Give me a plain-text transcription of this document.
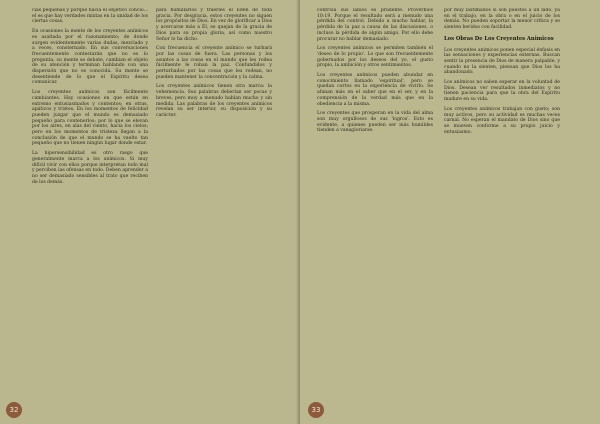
cias pequeñas y porque hacía el objetivo concio... el es que hay verdades mixtas en la unidad de los ciertas cosas.

En ocasiones la mente de los creyentes anímicos es asaltada por el razonamiento; de donde surgen evidentemente varias dudas, mezclado y a veces, consternado. En sus conversaciones frecuentemente contestarán que no es lo pregunta, su mente se debate, cambian el objeto de su atención y terminan hablando con una dispersión que no es conocida. Su mente se desentiende de lo que el Espíritu desea comunicar.

Los creyentes anímicos son fácilmente cambiantes. Hay ocasiones en que están en extremo entusiasmados y contentos; en otras, apáticos y tristes. En los momentos de felicidad pueden juzgar que el mundo es demasiado pequeño para contenerlos; por lo que se elevan por los aires, en alas del viento, hacia los cielos; pero en los momentos de tristeza llegan a la conclusión de que el mundo se ha vuelto tan pequeño que no tienen ningún lugar donde estar.

La hipersensibilidad es otro rasgo que generalmente marca a los anímicos. Si muy difícil vivir con ellos porque interpretan todo mal y perciben las ofensas en todo. Deben aprender a no ser demasiado sensibles al trato que reciben de los demás.

para humillarlos y traerles el Edén de toda gracia. Por desgracia, estos creyentes no siguen los propósitos de Dios. En vez de glorificar a Dios y acercarse más a Él, se quejan de la gracia de Dios para su propia gloria, así como nuestro Señor lo ha dicho.

Con frecuencia el creyente anímico se turbará por las cosas de fuera. Las personas y los asuntos a las cosas en el mundo que les rodea fácilmente le roban la paz. Confundidos y perturbados por las cosas que les rodean, no pueden mantener la concentración y la calma.

Los creyentes anímicos tienen otra marca: la vehemencia. Sus palabras deberían ser pocas y breves, pero muy a menudo hablan mucho y sin medida. Las palabras de los creyentes anímicos revelan su ser interior, su disposición y su carácter.

32

controla sus labios es prudente. Proverbios 10:19. Porque el resultado será a menudo una pérdida del control. Debido a mucho hablar, la pérdida de la paz a causa de las discusiones, o incluso la pérdida de algún amigo. Por ello debe procurar no hablar demasiado.

Los creyentes anímicos se permiten también el 'deseo de lo propio'. Lo que son frecuentemente gobernados por los deseos del yo, el gusto propio, la ambición y otros sentimientos.

Los creyentes anímicos pueden abundar en conocimiento llamado 'espiritual', pero se quedan cortos en la experiencia de vivirlo. Se afanan más en el saber que en el ser, y en la comprensión de la verdad más que en la obediencia a la misma.

Los creyentes que prosperan en la vida del alma son muy orgullosos de sus 'logros'. Esto es evidente, a quienes pueden ser más humildes tienden a vanagloriarse.

por muy lastimados si son puestos a un lado, ya en el trabajo, en la obra o en el juicio de los demás. No pueden soportar la menor crítica y se sienten heridos con facilidad.

Los Obras De Los Creyentes Animicos

Los creyentes anímicos ponen especial énfasis en las sensaciones y experiencias externas. Buscan sentir la presencia de Dios de manera palpable, y cuando no la sienten, piensan que Dios los ha abandonado.

Los anímicos no saben esperar en la voluntad de Dios. Desean ver resultados inmediatos y no tienen paciencia para que la obra del Espíritu madure en su vida.

Los creyentes anímicos trabajan con gusto; son muy activos, pero su actividad es muchas veces carnal. No esperan el mandato de Dios sino que se mueven conforme a su propio juicio y entusiasmo.

33
